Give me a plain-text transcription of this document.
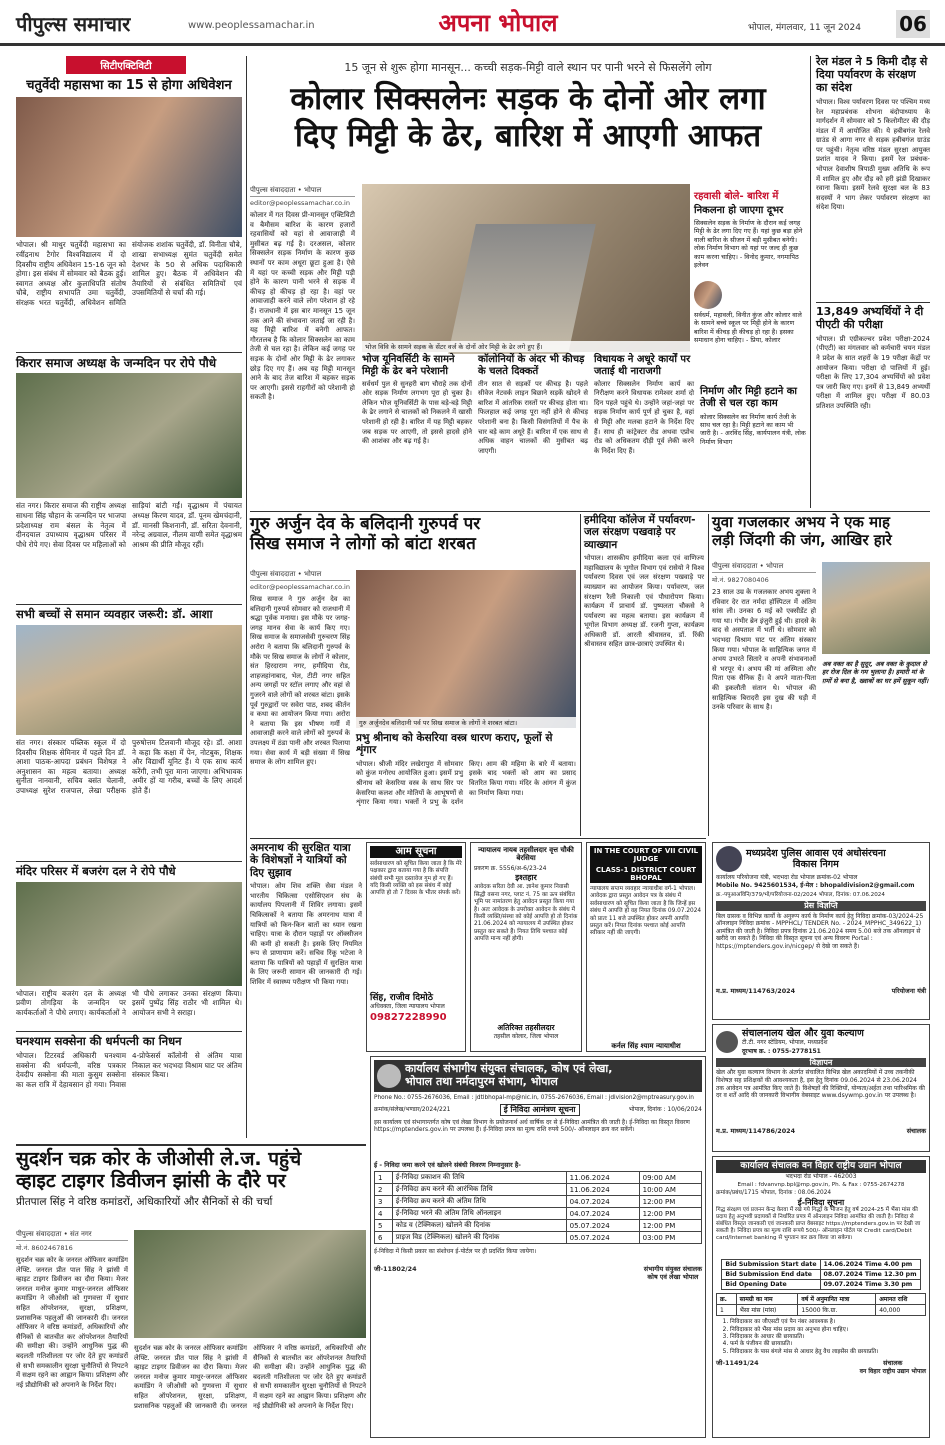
पीपुल्स समाचार	www.peoplessamachar.in	अपना भोपाल	भोपाल, मंगलवार, 11 जून 2024 06
सिटीएक्टिविटी
चतुर्वेदी महासभा का 15 से होगा अधिवेशन
भोपाल। श्री माथुर चतुर्वेदी महासभा का रवींद्रनाथ टैगोर विश्वविद्यालय में दो दिवसीय राष्ट्रीय अधिवेशन 15-16 जून को होगा। इस संबंध में सोमवार को बैठक हुई। स्वागत अध्यक्ष और कुलाधिपति संतोष चौबे, राष्ट्रीय सभापति उमा चतुर्वेदी, संरक्षक भरत चतुर्वेदी, अधिवेशन समिति संयोजक शशांक चतुर्वेदी, डॉ. विनीता चौबे, शाखा सभाध्यक्ष सुमंत चतुर्वेदी समेत देशभर के 50 से अधिक पदाधिकारी शामिल हुए। बैठक में अधिवेशन की तैयारियों से संबंधित समितियों एवं उपसमितियों से चर्चा की गई।
किरार समाज अध्यक्ष के जन्मदिन पर रोपे पौधे
संत नगर। किरार समाज की राष्ट्रीय अध्यक्ष साधना सिंह चौहान के जन्मदिन पर भाजपा प्रदेशाध्यक्ष राम बंसल के नेतृत्व में दीनदयाल उपाध्याय वृद्धाश्रम परिसर में पौधे रोपे गए। सेवा दिवस पर महिलाओं को साड़ियां बांटी गईं। वृद्धाश्रम में पंचायत अध्यक्ष किरण यादव, डॉ. पूनम खेमचंदानी, डॉ. मानसी किशनानी, डॉ. सरिता देवनानी, नरेन्द्र अग्रवाल, नीलम वाणी समेत वृद्धाश्रम आश्रम की प्रीति मौजूद रहीं।
सभी बच्चों से समान व्यवहार जरूरी: डॉ. आशा
संत नगर। संस्कार पब्लिक स्कूल में दो दिवसीय शिक्षक सेमिनार में पहले दिन डॉ. आशा पाठक-आपदा प्रबंधन विशेषज्ञ ने अनुशासन का महत्व बताया। अध्यक्ष सुनीता नानवानी, सचिव बसंत चेलानी, उपाध्यक्ष सुरेश राजपाल, लेखा परीक्षक पुरुषोत्तम टिलवानी मौजूद रहे। डॉ. आशा ने कहा कि कक्षा में पेन, नोटबुक, शिक्षक और विद्यार्थी यूनिट हैं। ये एक साथ कार्य करेंगी, तभी पूरा माना जाएगा। अभिभावक अमीर हों या गरीब, बच्चों के लिए आदर्श होते हैं।
मंदिर परिसर में बजरंग दल ने रोपे पौधे
भोपाल। राष्ट्रीय बजरंग दल के अध्यक्ष प्रवीण तोगड़िया के जन्मदिन पर कार्यकर्ताओं ने पौधे लगाए। कार्यकर्ताओं ने भी पौधे लगाकर उनका संरक्षण किया। इसमें पुष्पेंद्र सिंह राठौर भी शामिल थे। आयोजन सभी ने सराहा।
घनश्याम सक्सेना की धर्मपत्नी का निधन
भोपाल। टिटरवर्ड अधिकारी घनश्याम सक्सेना की धर्मपत्नी, वरिष्ठ पत्रकार देवदीप सक्सेना की माता कुसुम सक्सेना का कल रात्रि में देहावसान हो गया। निवास 4-प्रोफेसर्स कॉलोनी से अंतिम यात्रा निकाल कर भदभदा विश्राम घाट पर अंतिम संस्कार किया।
15 जून से शुरू होगा मानसून... कच्ची सड़क-मिट्टी वाले स्थान पर पानी भरने से फिसलेंगे लोग
कोलार सिक्सलेनः सड़क के दोनों ओर लगा
दिए मिट्टी के ढेर, बारिश में आएगी आफत
पीपुल्स संवाददाता • भोपाल
editor@peoplessamachar.co.in
कोलार में गत दिवस प्री-मानसून एक्टिविटी व बैमौसम बारिश के कारण हजारों रहवासियों को यहां से आवाजाही में मुसीबत बढ़ गई है। दरअसल, कोलार सिक्सलेन सड़क निर्माण के कारण कुछ स्थानों पर काम अधूरा छूटा हुआ है। ऐसे में यहां पर कच्ची सड़क और मिट्टी पड़ी होने के कारण पानी भरने से सड़क में कीचड़ हो कीचड़ हो रहा है। वहां पर आवाजाही करने वाले लोग परेशान हो रहे हैं। राजधानी में इस बार मानसून 15 जून तक आने की संभावना जताई जा रही है। यह मिट्टी बारिश में बनेगी आफत। गौरतलब है कि कोलार सिक्सलेन का काम तेजी से चल रहा है। लेकिन कई जगह पर सड़क के दोनों ओर मिट्टी के ढेर लगाकर छोड़ दिए गए हैं। अब यह मिट्टी मानसून आने के बाद तेज बारिश में बहकर सड़क पर आएगी। इससे राहगीरों को परेशानी हो सकती है।
भोज विवि के सामने सड़क के सेंटर वर्ज के दोनों ओर मिट्टी के ढेर लगे हुए हैं।
रहवासी बोले- बारिश में
निकलना हो जाएगा दूभर
सिक्सलेन सड़क के निर्माण के दौरान कई जगह मिट्टी के ढेर लगा दिए गए हैं। यहां कुछ बड़ा होने वाली बारिश के सीजन में बड़ी मुसीबत बनेगी। लोक निर्माण विभाग को यहां पर जल्द ही कुछ काम करना चाहिए। - विनोद कुमार, नगमापिठ इलेवन
सर्वधर्म, महावली, विनीत कुंज और कोलार वाले के सामने बच्चे स्कूल पर मिट्टी होने के कारण बारिश में कीचड़ ही कीचड़ हो रहा है। इसका समाधान होना चाहिए। - प्रिया, कोलार
भोज यूनिवर्सिटी के सामने मिट्टी के ढेर बने परेशानी
सर्वधर्म पुल से सुनहरी बाग चौराहे तक दोनों ओर सड़क निर्माण लगभग पूरा हो चुका है। लेकिन भोज यूनिवर्सिटी के पास बड़े-बड़े मिट्टी के ढेर लगाने से चालकों को निकलने में खासी परेशानी हो रही है। बारिश में यह मिट्टी बहकर जब सड़क पर आएगी, तो इससे हादसे होने की आशंका और बढ़ गई है।
कॉलोनियों के अंदर भी कीचड़ के चलते दिक्कतें
तीन सात से सड़कों पर कीचड़ है। पहले सीवेज नेटवर्क लाइन बिछाने सड़कें खोदने से बारिश में आंतरिक रास्तों पर कीचड़ होता था। फिलहाल कई जगह पूरा नहीं होने से कीचड़ परेशानी बना है। किसी विसंगतियों में पैच के चार बड़े काम अधूरे हैं। बारिश में एक साथ से अधिक वाहन चालकों की मुसीबत बढ़ जाएगी।
विधायक ने अधूरे कार्यों पर जताई थी नाराजगी
कोलार सिक्सलेन निर्माण कार्य का निरीक्षण करने विधायक रामेश्वर शर्मा दो दिन पहले पहुंचे थे। उन्होंने जहां-जहां पर सड़क निर्माण कार्य पूर्ण हो चुका है, वहां से मिट्टी और मलबा हटाने के निर्देश दिए हैं। साथ ही कांट्रेक्टर रोड अथवा एप्रोच रोड को अधिकतम दौड़ी पूर्व लेकी करने के निर्देश दिए हैं।
निर्माण और मिट्टी हटाने का तेजी से चल रहा काम
कोलार सिक्सलेन का निर्माण कार्य तेजी के साथ चल रहा है। मिट्टी हटाने का काम भी जारी है। - अरविंद सिंह, कार्यपालन यंत्री, लोक निर्माण विभाग
रेल मंडल ने 5 किमी दौड़ से दिया पर्यावरण के संरक्षण का संदेश
भोपाल। विश्व पर्यावरण दिवस पर पश्चिम मध्य रेल महाप्रबंधक शोभना बंदोपाध्याय के मार्गदर्शन में सोमवार को 5 किलोमीटर की दौड़ मंडल में में आयोजित की। ये हबीबगंज रेलवे ग्राउंड से आगा नगर से सड़क हबीबगंज ग्राउंड पर पहुंची। नेतृत्व वरिष्ठ मंडल सुरक्षा आयुक्त प्रशांत यादव ने किया। इसमें रेल प्रबंधक-भोपाल देवाशीष त्रिपाठी मुख्य अतिथि के रूप में शामिल हुए और दौड़ को हरी झंडी दिखाकर रवाना किया। इसमें रेलवे सुरक्षा बल के 83 सदस्यों ने भाग लेकर पर्यावरण संरक्षण का संदेश दिया।
13,849 अभ्यर्थियों ने दी पीएटी की परीक्षा
भोपाल। प्री एग्रीकल्चर प्रवेश परीक्षा-2024 (पीएटी) का मंगलवार को कर्मचारी चयन मंडल ने प्रदेश के सात शहरों के 19 परीक्षा केंद्रों पर आयोजन किया। परीक्षा दो पालियों में हुई। परीक्षा के लिए 17,304 अभ्यर्थियों को प्रवेश पत्र जारी किए गए। इनमें से 13,849 अभ्यर्थी परीक्षा में शामिल हुए। परीक्षा में 80.03 प्रतिशत उपस्थिति रही।
गुरु अर्जुन देव के बलिदानी गुरुपर्व पर
सिख समाज ने लोगों को बांटा शरबत
पीपुल्स संवाददाता • भोपाल
editor@peoplessamachar.co.in
सिख समाज ने गुरु अर्जुन देव का बलिदानी गुरुपर्व सोमवार को राजधानी में श्रद्धा पूर्वक मनाया। इस मौके पर जगह-जगह मानव सेवा के कार्य किए गए। सिख समाज के समाजसेवी गुरुचरण सिंह अरोरा ने बताया कि बलिदानी गुरुपर्व के मौके पर सिख समाज के लोगों ने कोलार, संत हिरदाराम नगर, हमीदिया रोड, शाहजहांनाबाद, भेल, टीटी नगर सहित अन्य जगहों पर स्टॉल लगाए और वहां से गुजरने वाले लोगों को शरबत बांटा। इसके पूर्व गुरुद्वारों पर सवेरा पाठ, शबद कीर्तन व कथा का आयोजन किया गया। अरोरा ने बताया कि इस भीषण गर्मी में आवाजाही करने वाले लोगों को गुरुपर्व के उपलक्ष्य में ठंडा पानी और शरबत पिलाया गया। सेवा कार्य में बड़ी संख्या में सिख समाज के लोग शामिल हुए।
गुरु अर्जुनदेव बलिदानी पर्व पर सिख समाज के लोगों ने शरबत बांटा।
प्रभु श्रीनाथ को केसरिया वस्त्र धारण कराए, फूलों से शृंगार
भोपाल। श्रीजी मंदिर लखेरापुरा में सोमवार को कुंज मनोरथ आयोजित हुआ। इसमें प्रभु श्रीनाथ को केसरिया वस्त्र के साथ सिर पर केसरिया कलश और मोतियों के आभूषणों से शृंगार किया गया। भक्तों ने प्रभु के दर्शन किए। आम की महिमा के बारे में बताया। इसके बाद भक्तों को आम का प्रसाद वितरित किया गया। मंदिर के आंगन में कुंज का निर्माण किया गया।
हमीदिया कॉलेज में पर्यावरण-जल संरक्षण पखवाड़े पर व्याख्यान
भोपाल। शासकीय हमीदिया कला एवं वाणिज्य महाविद्यालय के भूगोल विभाग एवं रासेयो ने विश्व पर्यावरण दिवस एवं जल संरक्षण पखवाड़े पर व्याख्यान का आयोजन किया। पर्यावरण, जल संरक्षण रैली निकाली एवं पौधारोपण किया। कार्यक्रम में प्राचार्य डॉ. पुष्पलता चौकसे ने पर्यावरण का महत्व बताया। इस कार्यक्रम में भूगोल विभाग अध्यक्ष डॉ. रजनी गुप्ता, कार्यक्रम अधिकारी डॉ. आरती श्रीवास्तव, डॉ. रिंकी श्रीवास्तव सहित छात्र-छात्राएं उपस्थित थे।
युवा गजलकार अभय ने एक माह
लड़ी जिंदगी की जंग, आखिर हारे
पीपुल्स संवाददाता • भोपाल
मो.नं. 9827080406
23 साल उम्र के गजलकार अभय शुक्ला ने रविवार देर रात नर्मदा हॉस्पिटल में अंतिम सांस ली। उनका 6 मई को एक्सीडेंट हो गया था। गंभीर ब्रेन इंजुरी हुई थी। हादसे के बाद से अस्पताल में भर्ती थे। सोमवार को भदभदा विश्राम घाट पर अंतिम संस्कार किया गया। भोपाल के साहित्यिक जगत में अभय उभरते सितारे व अपनी संभावनाओं से भरपूर थे। अभय की मां अस्मिता और पिता एक सैनिक हैं। वे अपने माता-पिता की इकलौती संतान थे। भोपाल की साहित्यिक बिरादरी इस दुख की घड़ी में उनके परिवार के साथ है।
अब वक्त का है सुदूर, अब वक्त के कुदाल से हर रोज दिल के गम भुलाना है। हमारी मां के ग़मों से बना है, ख्वाबों का घर हमें सुकून नहीं।
अमरनाथ की सुरक्षित यात्रा के विशेषज्ञों ने यात्रियों को दिए सुझाव
भोपाल। ओम शिव शक्ति सेवा मंडल ने भारतीय चिकित्सा एसोसिएशन संघ के कार्यालय पिपलानी में शिविर लगाया। इसमें चिकित्सकों ने बताया कि अमरनाथ यात्रा में यात्रियों को किन-किन बातों का ध्यान रखना चाहिए। यात्रा के दौरान पहाड़ों पर ऑक्सीजन की कमी हो सकती है। इसके लिए नियमित रूप से प्राणायाम करें। सचिव रिंकू भटेजा ने बताया कि यात्रियों को पहाड़ों में सुरक्षित यात्रा के लिए जरूरी सामान की जानकारी दी गई। शिविर में स्वास्थ्य परीक्षण भी किया गया।
आम सूचना
सर्वसाधारण को सूचित किया जाता है कि मेरे पक्षकार द्वारा बताया गया है कि संपत्ति संबंधी सभी मूल दस्तावेज गुम हो गए हैं। यदि किसी व्यक्ति को इस संबंध में कोई आपत्ति हो तो 7 दिवस के भीतर संपर्क करें।
सिंह, राजीव दिमोठे
अधिवक्ता, जिला न्यायालय भोपाल
09827228990
न्यायालय नायब तहसीलदार वृत्त चौकी बेरसिया
प्रकरण क्र. 5556/अ-6/23-24
इश्तहार
आवेदक सरिता देवी आ. ज्ञानेश कुमार निवासी सिद्धी वसना नगर, प्लाट नं. 75 का ऊप संबंधित भूमि पर नामांतरण हेतु आवेदन प्रस्तुत किया गया है। अतः आवेदक के उपरोक्त आवेदन के संबंध में किसी व्यक्ति/संस्था को कोई आपत्ति हो तो दिनांक 21.06.2024 को न्यायालय में उपस्थित होकर प्रस्तुत कर सकते हैं। नियत तिथि पश्चात कोई आपत्ति मान्य नहीं होगी।
अतिरिक्त तहसीलदार
तहसील कोलार, जिला भोपाल
IN THE COURT OF VII CIVIL JUDGE
CLASS-1 DISTRICT COURT BHOPAL
न्यायालय सप्तम व्यवहार न्यायाधीश वर्ग-1 भोपाल। आवेदक द्वारा प्रस्तुत आवेदन पत्र के संबंध में सर्वसाधारण को सूचित किया जाता है कि जिन्हें इस संबंध में आपत्ति हो वह नियत दिनांक 09.07.2024 को प्रातः 11 बजे उपस्थित होकर अपनी आपत्ति प्रस्तुत करें। नियत दिनांक पश्चात कोई आपत्ति स्वीकार नहीं की जाएगी।
कर्नल सिंह श्याम न्यायाधीश
मध्यप्रदेश पुलिस आवास एवं अधोसंरचना
विकास निगम
कार्यालय परियोजना यंत्री, भदभदा रोड भोपाल क्रमांक-02 भोपाल
Mobile No. 9425601534, ई-मेल : bhopaldivision2@gmail.com
क्र.-पपुआअविनि/379/भो/परियोजना-02/2024 भोपाल, दिनांक: 07.06.2024
प्रेस विज्ञप्ति
बिल ग्रासक व विभिन्न कार्यों के अनुरूप कार्य के निर्माण कार्य हेतु निविदा क्रमांक-03/2024-25 ऑनलाइन निविदा क्रमांक - MPPHCL/ TENDER No. - 2024_MPPHC_349622_1) आमंत्रित की जाती है। निविदा प्रपत्र दिनांक 21.06.2024 समय 5.00 बजे तक ऑनलाइन से खरीदे जा सकते हैं। निविदा की विस्तृत सूचना एवं अन्य विवरण Portal : https://mptenders.gov.in/nicgep/ से देखे जा सकते हैं।
म.प्र. माध्यम/114763/2024	परियोजना यंत्री
संचालनालय खेल और युवा कल्याण
टी.टी. नगर स्टेडियम, भोपाल, मध्यप्रदेश
दूरभाष क्र. : 0755-2778151
विज्ञापन
खेल और युवा कल्याण विभाग के अंतर्गत संचालित विभिन्न खेल अकादमियों में उच्च तकनीकी विशेषज्ञ सह प्रशिक्षकों की आवश्यकता है, इस हेतु दिनांक 09.06.2024 से 23.06.2024 तक आवेदन पत्र आमंत्रित किए जाते हैं। विशेषज्ञों की रिक्तियों, योग्यता/अर्हता तथा पारिश्रमिक की दर व शर्तें आदि की जानकारी विभागीय वेबसाइट www.dsywmp.gov.in पर उपलब्ध है।
म.प्र. माध्यम/114786/2024	संचालक
सुदर्शन चक्र कोर के जीओसी ले.ज. पहुंचे
व्हाइट टाइगर डिवीजन झांसी के दौरे पर
प्रीतपाल सिंह ने वरिष्ठ कमांडरों, अधिकारियों और सैनिकों से की चर्चा
पीपुल्स संवाददाता • संत नगर
मो.नं. 8602467816
सुदर्शन चक्र कोर के जनरल ऑफिसर कमांडिंग लेफ्टि. जनरल प्रीत पाल सिंह ने झांसी में व्हाइट टाइगर डिवीजन का दौरा किया। मेजर जनरल मनोज कुमार माथुर-जनरल ऑफिसर कमांडिंग ने जीओसी को गुणवत्ता में सुधार सहित ऑपरेशनल, सुरक्षा, प्रशिक्षण, प्रशासनिक पहलुओं की जानकारी दी। जनरल ऑफिसर ने वरिष्ठ कमांडरों, अधिकारियों और सैनिकों से बातचीत कर ऑपरेशनल तैयारियों की समीक्षा की। उन्होंने आधुनिक युद्ध की बदलती गतिशीलता पर जोर देते हुए कमांडरों से सभी समकालीन सुरक्षा चुनौतियों से निपटने में सक्षम रहने का आह्वान किया। प्रशिक्षण और नई प्रौद्योगिकी को अपनाने के निर्देश दिए।
सुदर्शन चक्र कोर के जनरल ऑफिसर कमांडिंग लेफ्टि. जनरल प्रीत पाल सिंह ने झांसी में व्हाइट टाइगर डिवीजन का दौरा किया। मेजर जनरल मनोज कुमार माथुर-जनरल ऑफिसर कमांडिंग ने जीओसी को गुणवत्ता में सुधार सहित ऑपरेशनल, सुरक्षा, प्रशिक्षण, प्रशासनिक पहलुओं की जानकारी दी। जनरल ऑफिसर ने वरिष्ठ कमांडरों, अधिकारियों और सैनिकों से बातचीत कर ऑपरेशनल तैयारियों की समीक्षा की। उन्होंने आधुनिक युद्ध की बदलती गतिशीलता पर जोर देते हुए कमांडरों से सभी समकालीन सुरक्षा चुनौतियों से निपटने में सक्षम रहने का आह्वान किया। प्रशिक्षण और नई प्रौद्योगिकी को अपनाने के निर्देश दिए।
कार्यालय संभागीय संयुक्त संचालक, कोष एवं लेखा,
भोपाल तथा नर्मदापुरम संभाग, भोपाल
Phone No.: 0755-2676036, Email : jdtlbhopal-mp@nic.in, 0755-2676036, Email : jdivision2@mptreasury.gov.in
क्रमांक/संलेख/भण्डार/2024/221	ई निविदा आमंत्रण सूचना	भोपाल, दिनांक : 10/06/2024
इस कार्यालय एवं संभागान्तर्गत कोष एवं लेखा विभाग के प्रयोजनार्थ अर्ध वार्षिक दर से ई-निविदा आमंत्रित की जाती है। ई-निविदा का विस्तृत विवरण https://mptenders.gov.in पर उपलब्ध हैं। ई-निविदा प्रपत्र का मूल्य राशि रुपये 500/- ऑनलाइन क्रय कर सकेंगे।
ई - निविदा जमा करने एवं खोलने संबंधी विवरण निम्नानुसार है-
1	ई-निविदा प्रकाशन की तिथि	11.06.2024	09:00 AM
2	ई-निविदा क्रय करने की आरंभिक तिथि	11.06.2024	10:00 AM
3	ई-निविदा क्रय करने की अंतिम तिथि	04.07.2024	12:00 PM
4	ई-निविदा भरने की अंतिम तिथि ऑनलाइन	04.07.2024	12:00 PM
5	कोड व (टेक्निकल) खोलने की दिनांक	05.07.2024	12:00 PM
6	प्राइज विड (टेक्निकल) खोलने की दिनांक	05.07.2024	03:00 PM
ई-निविदा में किसी प्रकार का संशोधन ई-पोर्टल पर ही प्रदर्शित किया जायेगा।
जी-11802/24	संभागीय संयुक्त संचालक
कोष एवं लेखा भोपाल
कार्यालय संचालक वन विहार राष्ट्रीय उद्यान भोपाल
भदभदा रोड भोपाल - 462003
Email : fdvanvnp.bpl@mp.gov.in, Ph. & Fax : 0755-2674278
क्रमांक/प्रबंध/1715 भोपाल, दिनांक : 08.06.2024
ई-निविदा सूचना
गिद्ध संरक्षण एवं प्रजनन केन्द्र केरवा में रखे गये गिद्धों के भोजन हेतु वर्ष 2024-25 में भैंसा मांस की प्रदाय हेतु अनुभवी प्रदायकों से निर्धारित प्रपत्र में ऑनलाइन निविदा आमंत्रित की जाती है। निविदा से संबंधित विस्तृत जानकारी एवं जानकारी प्राप्त वेबसाइट https://mptenders.gov.in पर देखी जा सकती है। निविदा प्रपत्र का मूल्य राशि रूपये 500/- ऑनलाइन पोर्टल पर Credit card/Debit card/Internet banking से भुगतान कर क्रय किया जा सकेगा।
Bid Submission Start date	14.06.2024 Time 4.00 pm
Bid Submission End date	08.07.2024 Time 12.30 pm
Bid Opening Date	09.07.2024 Time 3.30 pm
क्र.	सामग्री का नाम	वर्ष में अनुमानित मात्रा	अमानत राशि
1	भैंसा मांस (मांस)	15000 कि.ग्रा.	40,000
1. निविदाकार का जीएसटी एवं पैन नंबर आवश्यक है।
2. निविदाकार को भैंसा मांस प्रदाय का अनुभव होना चाहिए।
3. निविदाकार के आधार की छायाप्रति।
4. फर्म के पंजीयन की छायाप्रति।
5. निविदाकार के पास बंगले मांस से आधार हेतु वैध लाइसेंस की छायाप्रति।
जी-11491/24	संचालक
वन विहार राष्ट्रीय उद्यान भोपाल
